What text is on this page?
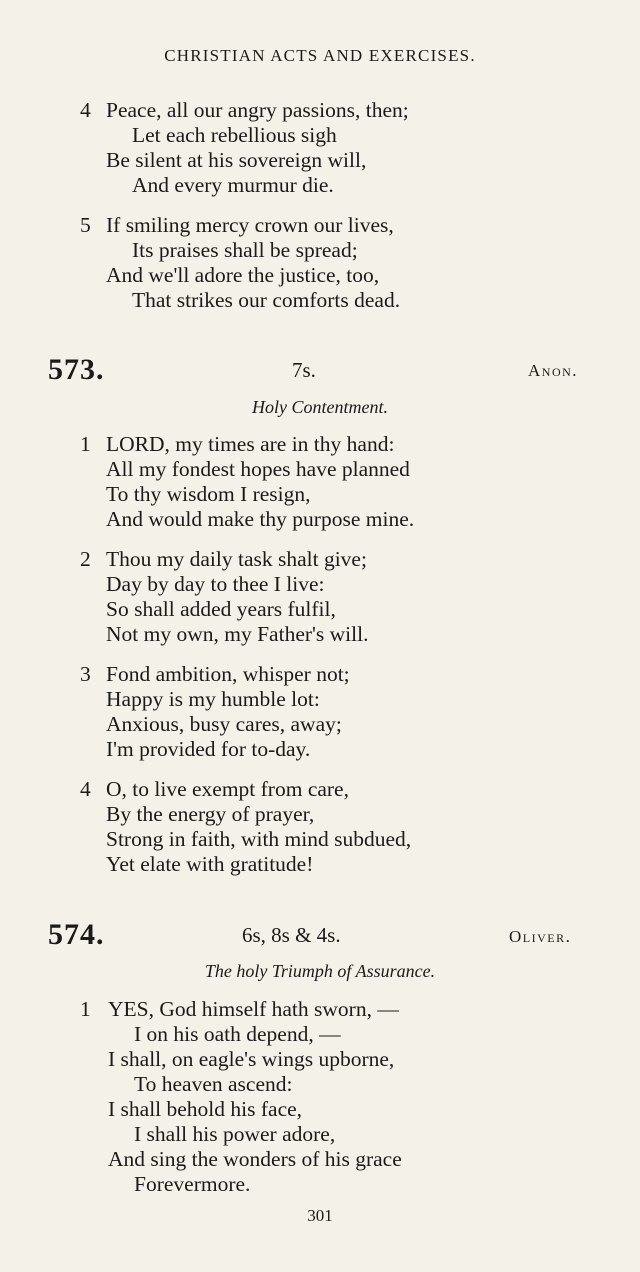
CHRISTIAN ACTS AND EXERCISES.
4 Peace, all our angry passions, then;
Let each rebellious sigh
Be silent at his sovereign will,
And every murmur die.
5 If smiling mercy crown our lives,
Its praises shall be spread;
And we'll adore the justice, too,
That strikes our comforts dead.
573.	7s.	Anon.
Holy Contentment.
1 LORD, my times are in thy hand:
All my fondest hopes have planned
To thy wisdom I resign,
And would make thy purpose mine.
2 Thou my daily task shalt give;
Day by day to thee I live:
So shall added years fulfil,
Not my own, my Father's will.
3 Fond ambition, whisper not;
Happy is my humble lot:
Anxious, busy cares, away;
I'm provided for to-day.
4 O, to live exempt from care,
By the energy of prayer,
Strong in faith, with mind subdued,
Yet elate with gratitude!
574.	6s, 8s & 4s.	Oliver.
The holy Triumph of Assurance.
1 YES, God himself hath sworn, —
I on his oath depend, —
I shall, on eagle's wings upborne,
To heaven ascend:
I shall behold his face,
I shall his power adore,
And sing the wonders of his grace
Forevermore.
301
